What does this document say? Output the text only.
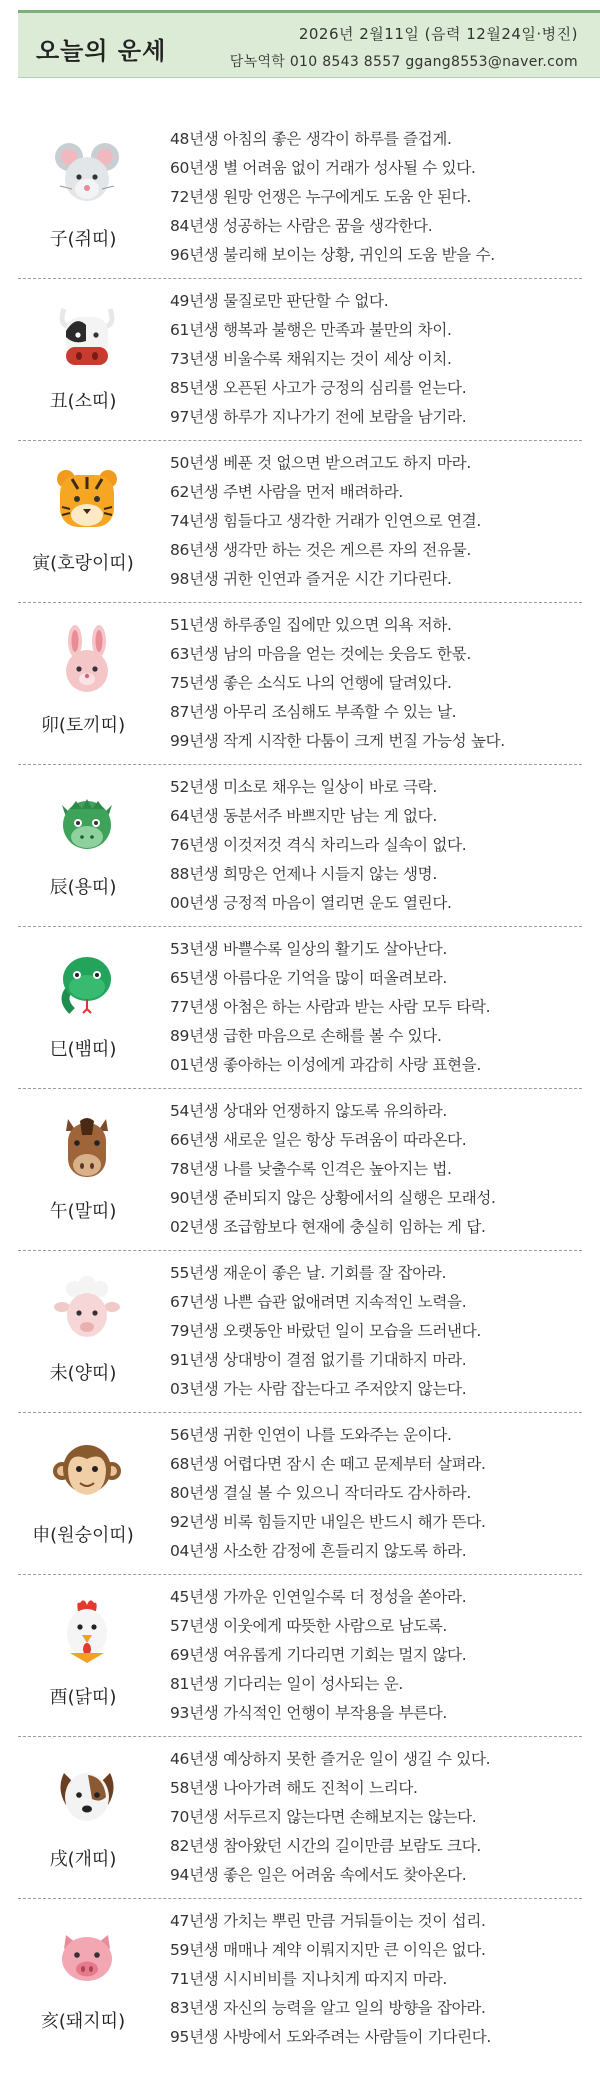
오늘의 운세
2026년 2월11일 (음력 12월24일·병진)
담녹역학 010 8543 8557 ggang8553@naver.com
子(쥐띠)
48년생 아침의 좋은 생각이 하루를 즐겁게.
60년생 별 어려움 없이 거래가 성사될 수 있다.
72년생 원망 언쟁은 누구에게도 도움 안 된다.
84년생 성공하는 사람은 꿈을 생각한다.
96년생 불리해 보이는 상황, 귀인의 도움 받을 수.
丑(소띠)
49년생 물질로만 판단할 수 없다.
61년생 행복과 불행은 만족과 불만의 차이.
73년생 비울수록 채워지는 것이 세상 이치.
85년생 오픈된 사고가 긍정의 심리를 얻는다.
97년생 하루가 지나가기 전에 보람을 남기라.
寅(호랑이띠)
50년생 베푼 것 없으면 받으려고도 하지 마라.
62년생 주변 사람을 먼저 배려하라.
74년생 힘들다고 생각한 거래가 인연으로 연결.
86년생 생각만 하는 것은 게으른 자의 전유물.
98년생 귀한 인연과 즐거운 시간 기다린다.
卯(토끼띠)
51년생 하루종일 집에만 있으면 의욕 저하.
63년생 남의 마음을 얻는 것에는 웃음도 한몫.
75년생 좋은 소식도 나의 언행에 달려있다.
87년생 아무리 조심해도 부족할 수 있는 날.
99년생 작게 시작한 다툼이 크게 번질 가능성 높다.
辰(용띠)
52년생 미소로 채우는 일상이 바로 극락.
64년생 동분서주 바쁘지만 남는 게 없다.
76년생 이것저것 격식 차리느라 실속이 없다.
88년생 희망은 언제나 시들지 않는 생명.
00년생 긍정적 마음이 열리면 운도 열린다.
巳(뱀띠)
53년생 바쁠수록 일상의 활기도 살아난다.
65년생 아름다운 기억을 많이 떠올려보라.
77년생 아첨은 하는 사람과 받는 사람 모두 타락.
89년생 급한 마음으로 손해를 볼 수 있다.
01년생 좋아하는 이성에게 과감히 사랑 표현을.
午(말띠)
54년생 상대와 언쟁하지 않도록 유의하라.
66년생 새로운 일은 항상 두려움이 따라온다.
78년생 나를 낮출수록 인격은 높아지는 법.
90년생 준비되지 않은 상황에서의 실행은 모래성.
02년생 조급함보다 현재에 충실히 임하는 게 답.
未(양띠)
55년생 재운이 좋은 날. 기회를 잘 잡아라.
67년생 나쁜 습관 없애려면 지속적인 노력을.
79년생 오랫동안 바랐던 일이 모습을 드러낸다.
91년생 상대방이 결점 없기를 기대하지 마라.
03년생 가는 사람 잡는다고 주저앉지 않는다.
申(원숭이띠)
56년생 귀한 인연이 나를 도와주는 운이다.
68년생 어렵다면 잠시 손 떼고 문제부터 살펴라.
80년생 결실 볼 수 있으니 작더라도 감사하라.
92년생 비록 힘들지만 내일은 반드시 해가 뜬다.
04년생 사소한 감정에 흔들리지 않도록 하라.
酉(닭띠)
45년생 가까운 인연일수록 더 정성을 쏟아라.
57년생 이웃에게 따뜻한 사람으로 남도록.
69년생 여유롭게 기다리면 기회는 멀지 않다.
81년생 기다리는 일이 성사되는 운.
93년생 가식적인 언행이 부작용을 부른다.
戌(개띠)
46년생 예상하지 못한 즐거운 일이 생길 수 있다.
58년생 나아가려 해도 진척이 느리다.
70년생 서두르지 않는다면 손해보지는 않는다.
82년생 참아왔던 시간의 길이만큼 보람도 크다.
94년생 좋은 일은 어려움 속에서도 찾아온다.
亥(돼지띠)
47년생 가치는 뿌린 만큼 거둬들이는 것이 섭리.
59년생 매매나 계약 이뤄지지만 큰 이익은 없다.
71년생 시시비비를 지나치게 따지지 마라.
83년생 자신의 능력을 알고 일의 방향을 잡아라.
95년생 사방에서 도와주려는 사람들이 기다린다.
